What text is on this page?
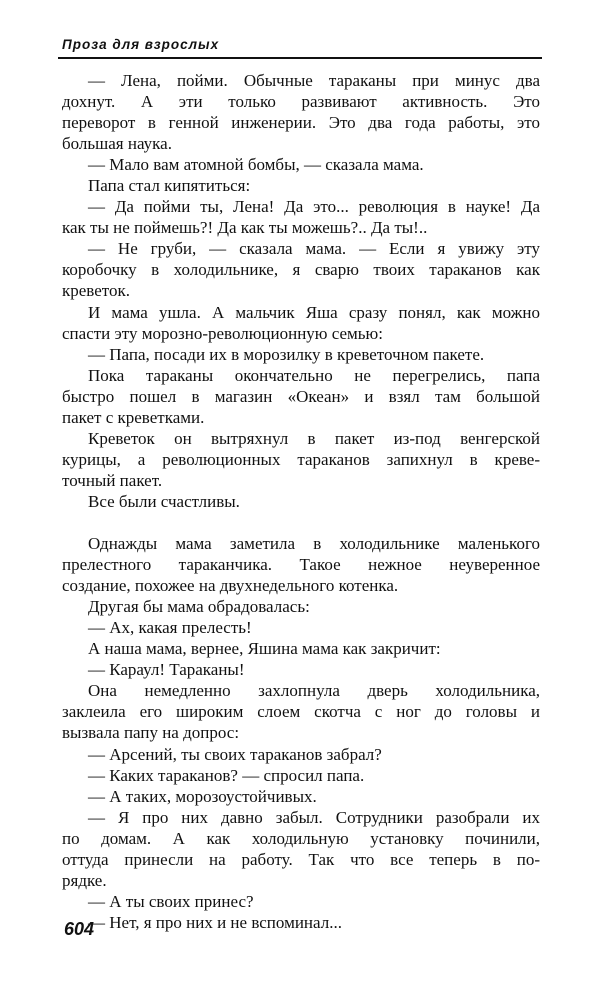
Проза для взрослых
— Лена, пойми. Обычные тараканы при минус два
дохнут. А эти только развивают активность. Это
переворот в генной инженерии. Это два года работы, это
большая наука.
— Мало вам атомной бомбы, — сказала мама.
Папа стал кипятиться:
— Да пойми ты, Лена! Да это... революция в науке! Да
как ты не поймешь?! Да как ты можешь?.. Да ты!..
— Не груби, — сказала мама. — Если я увижу эту
коробочку в холодильнике, я сварю твоих тараканов как
креветок.
И мама ушла. А мальчик Яша сразу понял, как можно
спасти эту морозно-революционную семью:
— Папа, посади их в морозилку в креветочном пакете.
Пока тараканы окончательно не перегрелись, папа
быстро пошел в магазин «Океан» и взял там большой
пакет с креветками.
Креветок он вытряхнул в пакет из-под венгерской
курицы, а революционных тараканов запихнул в креве-
точный пакет.
Все были счастливы.
Однажды мама заметила в холодильнике маленького
прелестного тараканчика. Такое нежное неуверенное
создание, похожее на двухнедельного котенка.
Другая бы мама обрадовалась:
— Ах, какая прелесть!
А наша мама, вернее, Яшина мама как закричит:
— Караул! Тараканы!
Она немедленно захлопнула дверь холодильника,
заклеила его широким слоем скотча с ног до головы и
вызвала папу на допрос:
— Арсений, ты своих тараканов забрал?
— Каких тараканов? — спросил папа.
— А таких, морозоустойчивых.
— Я про них давно забыл. Сотрудники разобрали их
по домам. А как холодильную установку починили,
оттуда принесли на работу. Так что все теперь в по-
рядке.
— А ты своих принес?
— Нет, я про них и не вспоминал...
604
